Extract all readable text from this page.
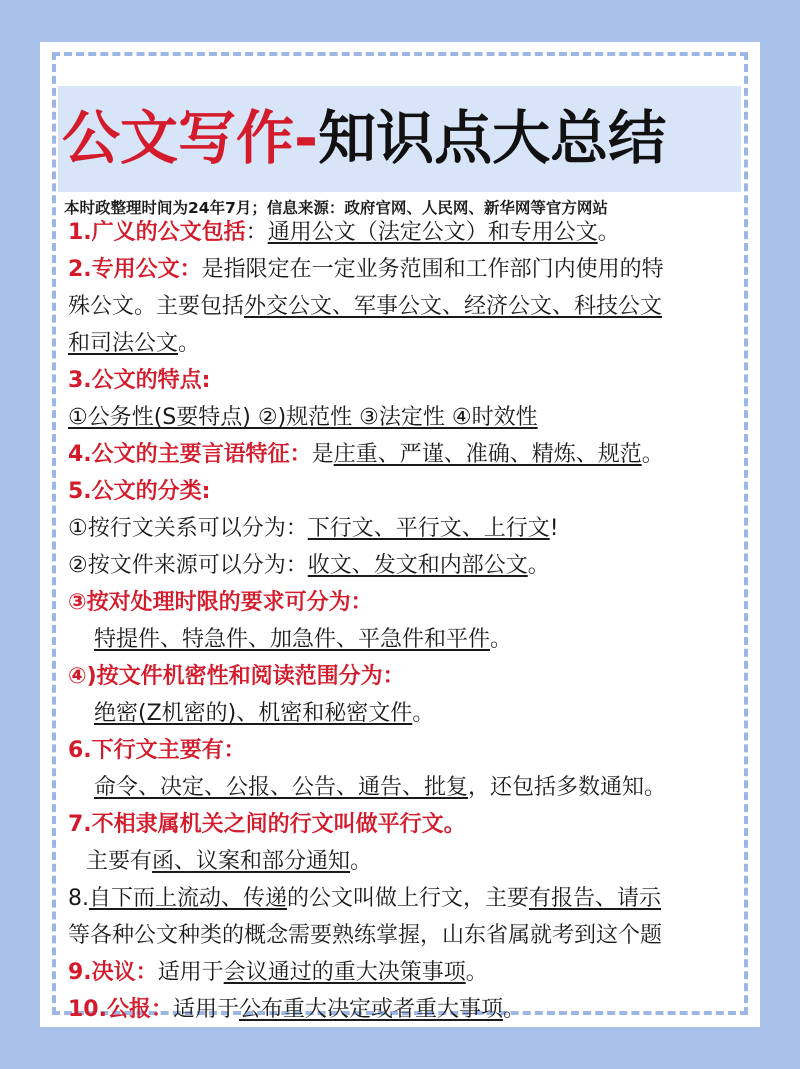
公文写作- 知识点大总结
本时政整理时间为24年7月；信息来源：政府官网、人民网、新华网等官方网站
1.广义的公文包括：通用公文（法定公文）和专用公文。
2.专用公文：是指限定在一定业务范围和工作部门内使用的特
殊公文。主要包括外交公文、军事公文、经济公文、科技公文
和司法公文。
3.公文的特点:
①公务性(S要特点) ②)规范性 ③法定性 ④时效性
4.公文的主要言语特征：是庄重、严谨、准确、精炼、规范。
5.公文的分类:
①按行文关系可以分为：下行文、平行文、上行文!
②按文件来源可以分为：收文、发文和内部公文。
③按对处理时限的要求可分为：
特提件、特急件、加急件、平急件和平件。
④)按文件机密性和阅读范围分为：
绝密(Z机密的)、机密和秘密文件。
6.下行文主要有：
命令、决定、公报、公告、通告、批复，还包括多数通知。
7.不相隶属机关之间的行文叫做平行文。
主要有函、议案和部分通知。
8.自下而上流动、传递的公文叫做上行文，主要有报告、请示
等各种公文种类的概念需要熟练掌握，山东省属就考到这个题
9.决议：适用于会议通过的重大决策事项。
10.公报：适用于公布重大决定或者重大事项。
